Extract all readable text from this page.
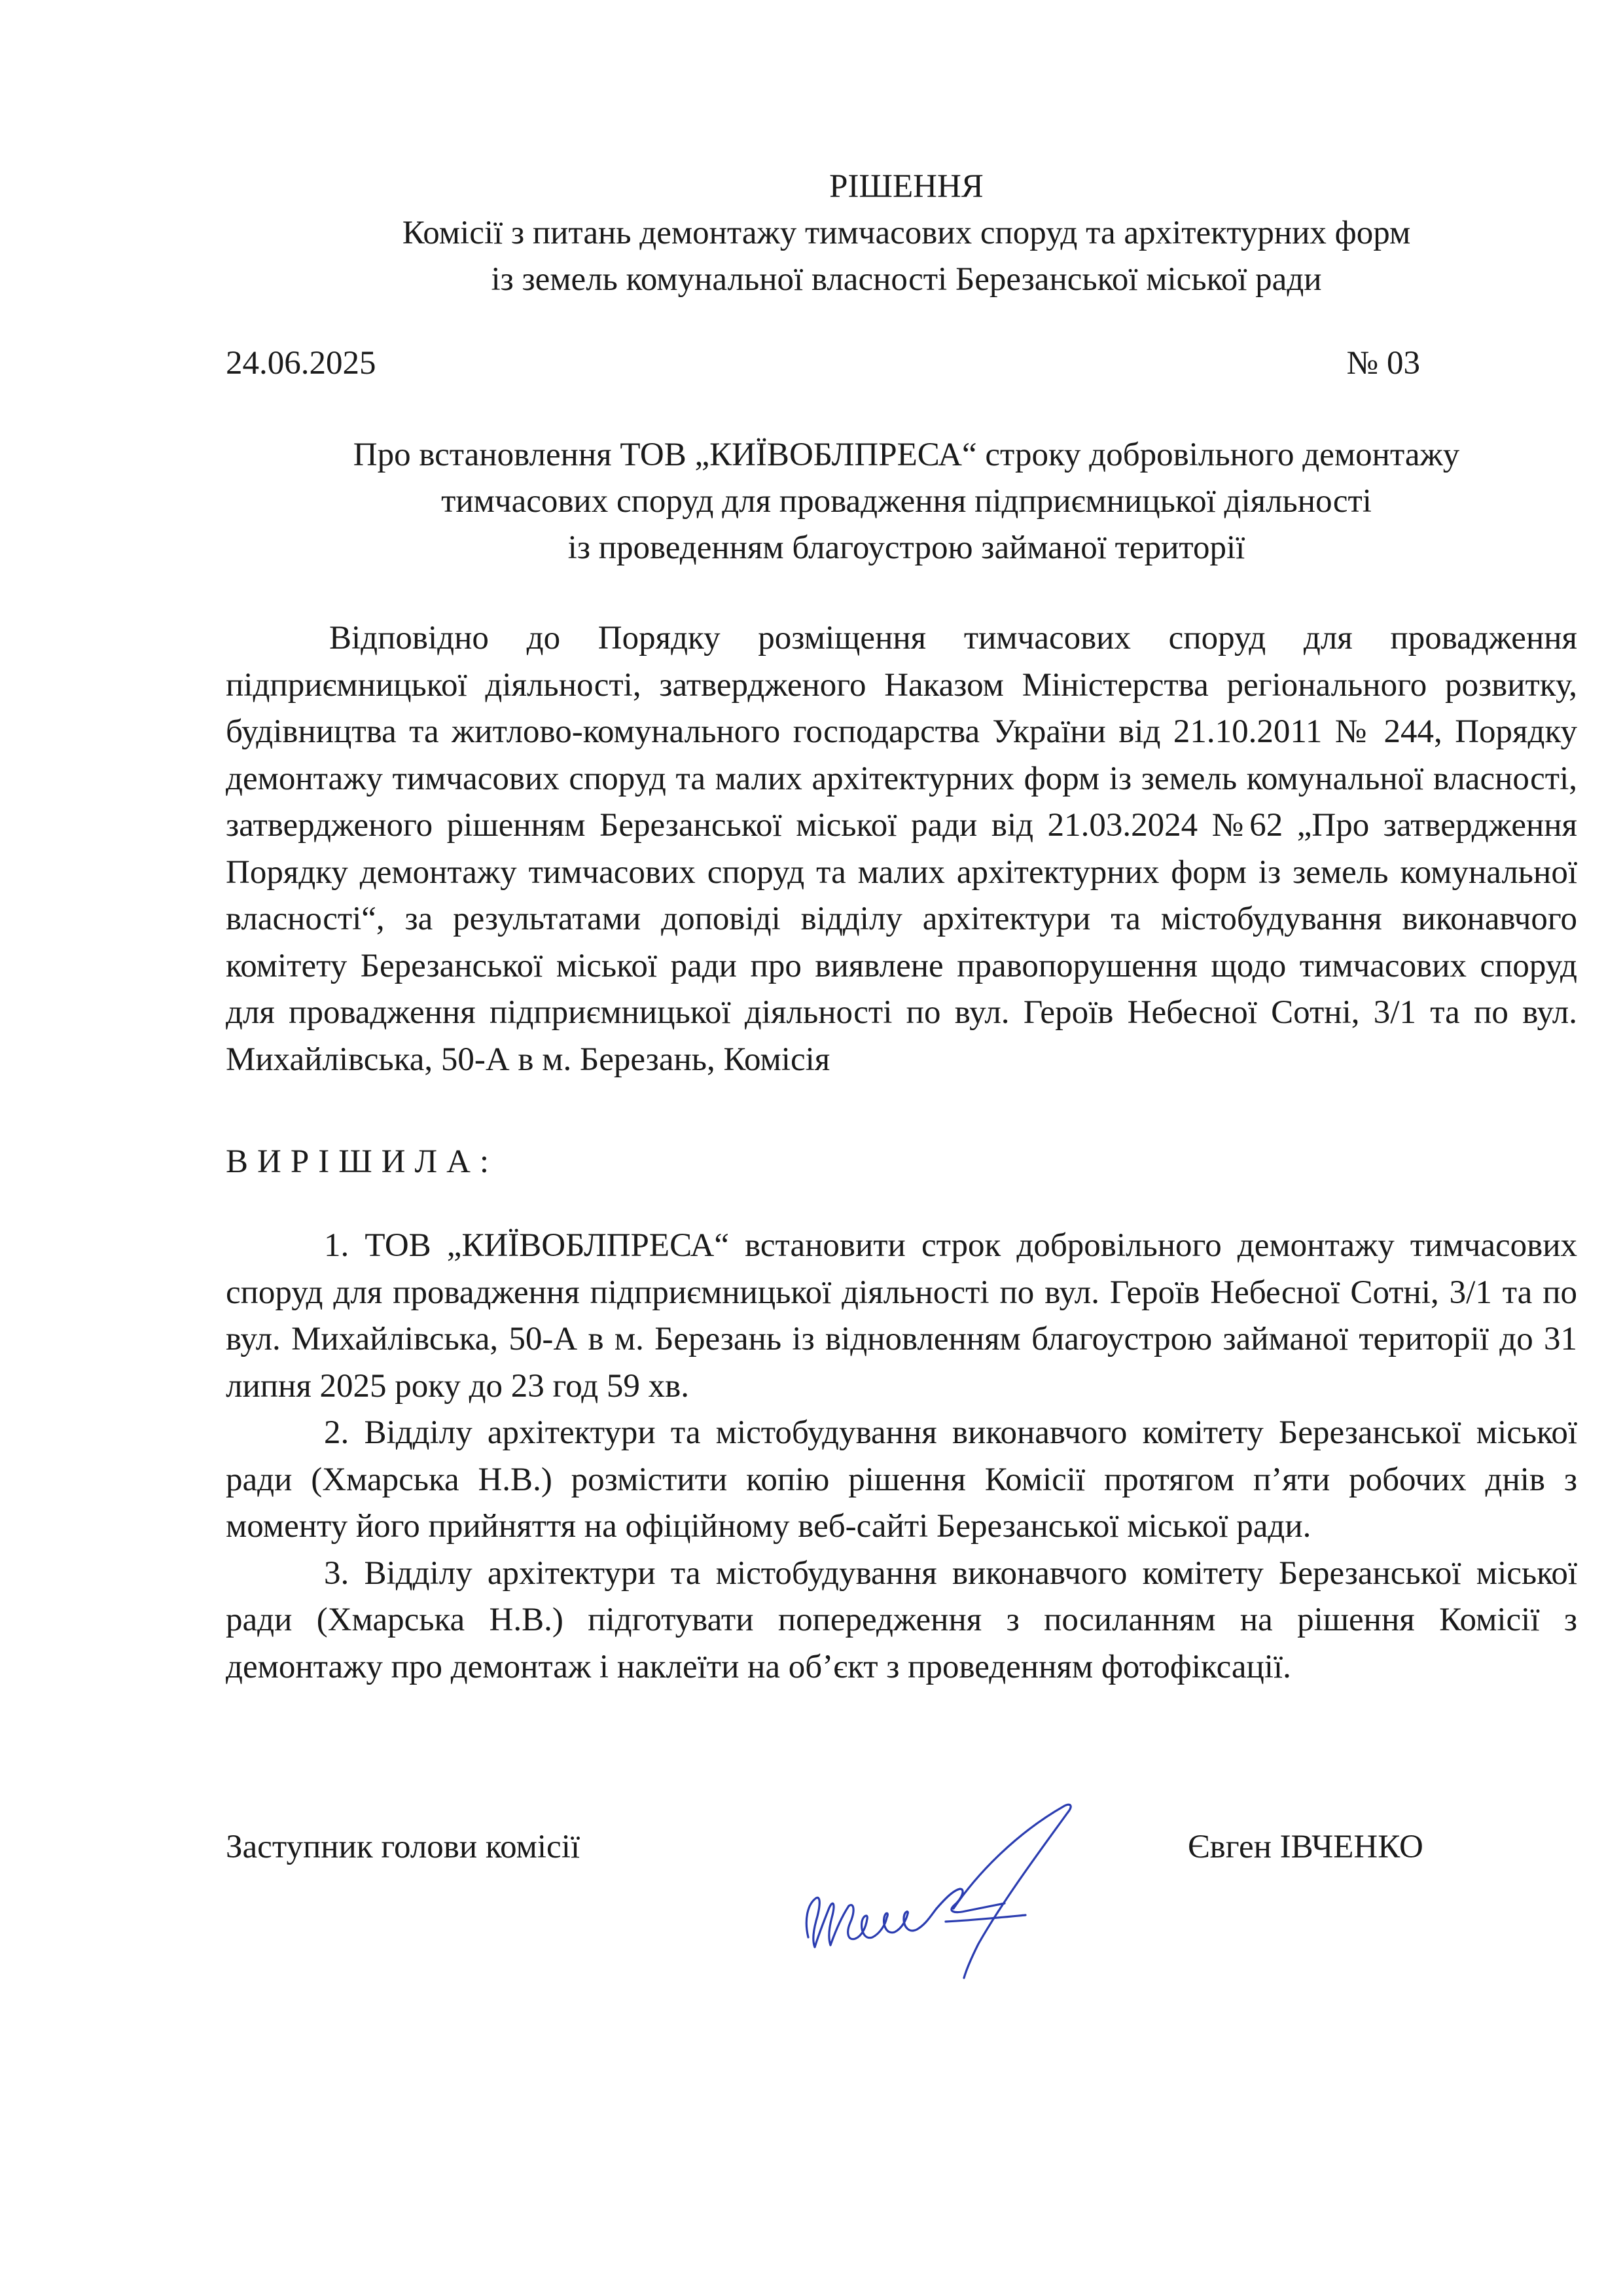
РІШЕННЯ
Комісії з питань демонтажу тимчасових споруд та архітектурних форм
із земель комунальної власності Березанської міської ради
24.06.2025	№ 03
Про встановлення ТОВ „КИЇВОБЛПРЕСА“ строку добровільного демонтажу
тимчасових споруд для провадження підприємницької діяльності
із проведенням благоустрою займаної території

Відповідно до Порядку розміщення тимчасових споруд для провадження підприємницької діяльності, затвердженого Наказом Міністерства регіонального розвитку, будівництва та житлово-комунального господарства України від 21.10.2011 № 244, Порядку демонтажу тимчасових споруд та малих архітектурних форм із земель комунальної власності, затвердженого рішенням Березанської міської ради від 21.03.2024 №62 „Про затвердження Порядку демонтажу тимчасових споруд та малих архітектурних форм із земель комунальної власності“, за результатами доповіді відділу архітектури та містобудування виконавчого комітету Березанської міської ради про виявлене правопорушення щодо тимчасових споруд для провадження підприємницької діяльності по вул. Героїв Небесної Сотні, 3/1 та по вул. Михайлівська, 50-А в м. Березань, Комісія

ВИРІШИЛА:

1. ТОВ „КИЇВОБЛПРЕСА“ встановити строк добровільного демонтажу тимчасових споруд для провадження підприємницької діяльності по вул. Героїв Небесної Сотні, 3/1 та по вул. Михайлівська, 50-А в м. Березань із відновленням благоустрою займаної території до 31 липня 2025 року до 23 год 59 хв.

2. Відділу архітектури та містобудування виконавчого комітету Березанської міської ради (Хмарська Н.В.) розмістити копію рішення Комісії протягом п’яти робочих днів з моменту його прийняття на офіційному веб-сайті Березанської міської ради.

3. Відділу архітектури та містобудування виконавчого комітету Березанської міської ради (Хмарська Н.В.) підготувати попередження з посиланням на рішення Комісії з демонтажу про демонтаж і наклеїти на об’єкт з проведенням фотофіксації.

Заступник голови комісії	Євген ІВЧЕНКО
